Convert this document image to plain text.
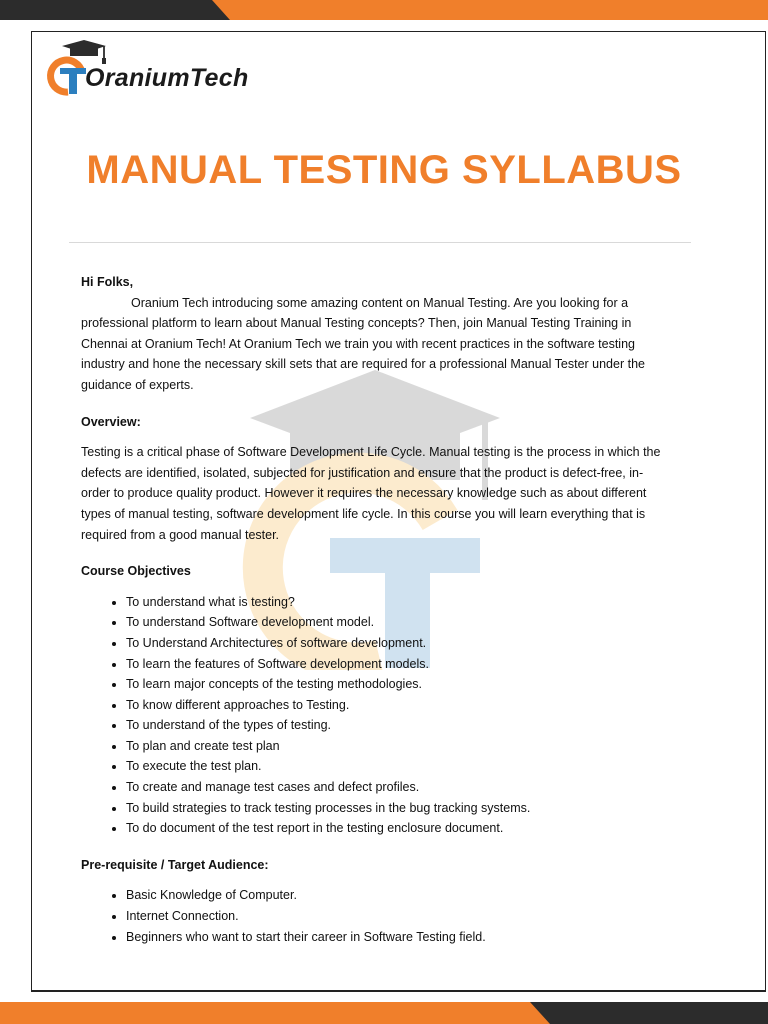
OraniumTech
MANUAL TESTING SYLLABUS

Hi Folks,

Oranium Tech introducing some amazing content on Manual Testing. Are you looking for a professional platform to learn about Manual Testing concepts? Then, join Manual Testing Training in Chennai at Oranium Tech! At Oranium Tech we train you with recent practices in the software testing industry and hone the necessary skill sets that are required for a professional Manual Tester under the guidance of experts.

Overview:

Testing is a critical phase of Software Development Life Cycle. Manual testing is the process in which the defects are identified, isolated, subjected for justification and ensure that the product is defect-free, in-order to produce quality product. However it requires the necessary knowledge such as about different types of manual testing, software development life cycle. In this course you will learn everything that is required from a good manual tester.

Course Objectives
• To understand what is testing?
• To understand Software development model.
• To Understand Architectures of software development.
• To learn the features of Software development models.
• To learn major concepts of the testing methodologies.
• To know different approaches to Testing.
• To understand of the types of testing.
• To plan and create test plan
• To execute the test plan.
• To create and manage test cases and defect profiles.
• To build strategies to track testing processes in the bug tracking systems.
• To do document of the test report in the testing enclosure document.
Pre-requisite / Target Audience:
• Basic Knowledge of Computer.
• Internet Connection.
• Beginners who want to start their career in Software Testing field.
